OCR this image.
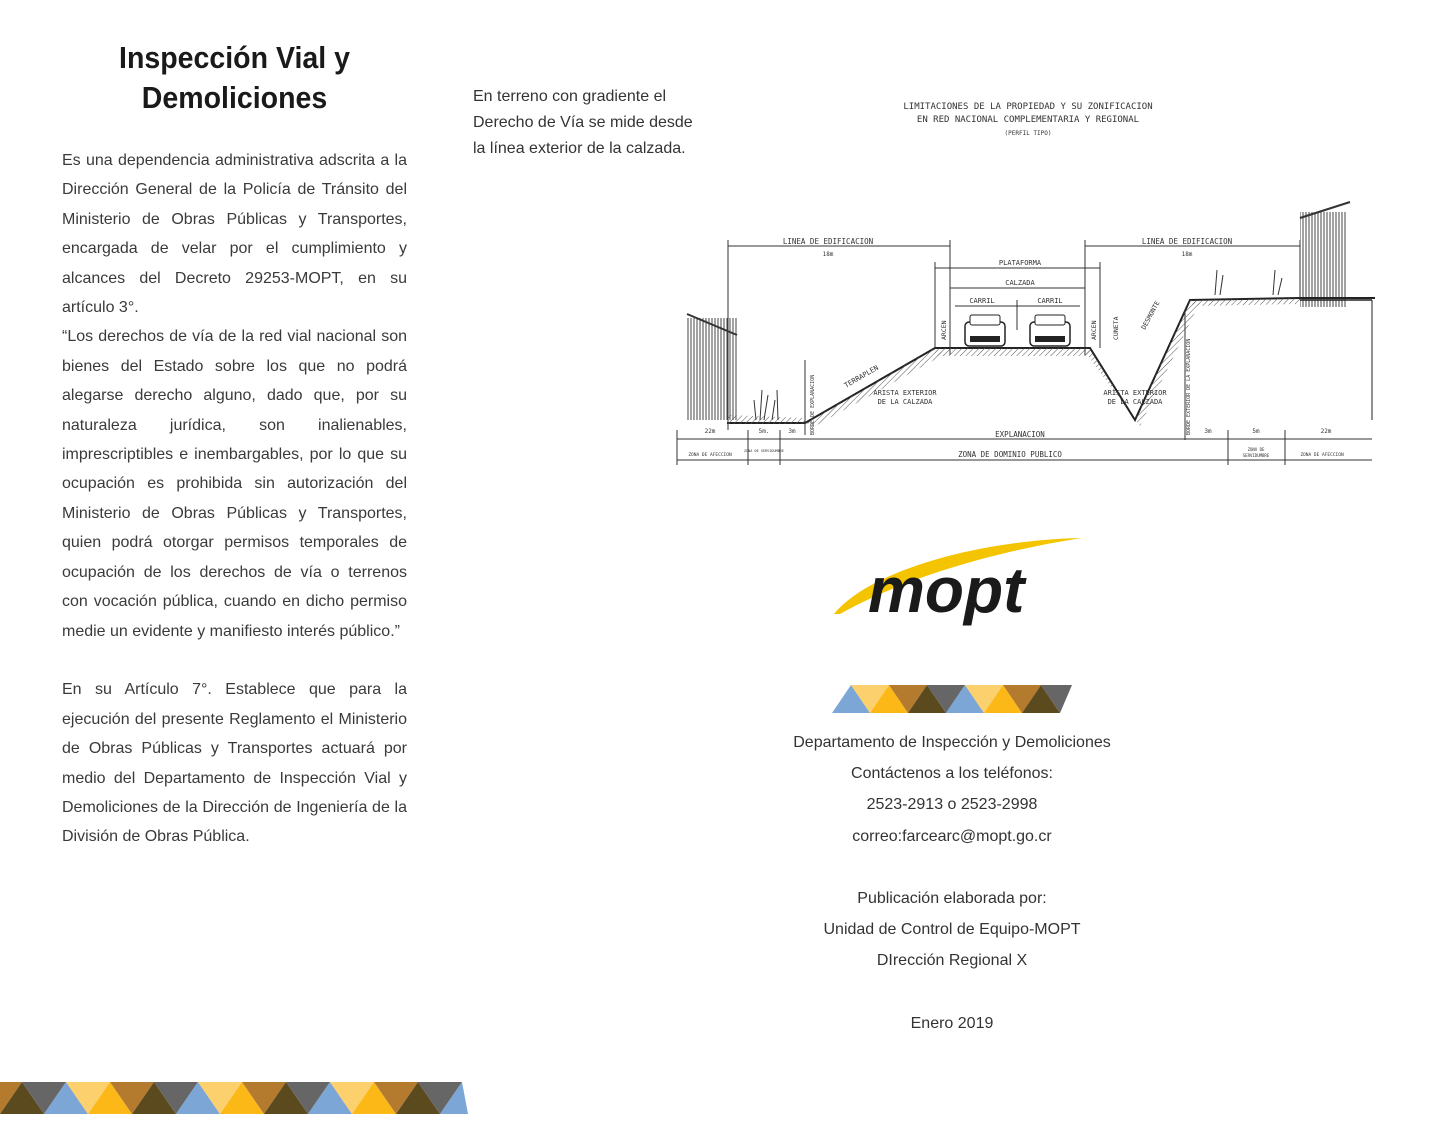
Inspección Vial y
Demoliciones

Es una dependencia administrativa adscrita a la Dirección General de la Policía de Tránsito del Ministerio de Obras Públicas y Transportes, encargada de velar por el cumplimiento y alcances del Decreto 29253-MOPT, en su artículo 3°.

“Los derechos de vía de la red vial nacional son bienes del Estado sobre los que no podrá alegarse derecho alguno, dado que, por su naturaleza jurídica, son inalienables, imprescriptibles e inembargables, por lo que su ocupación es prohibida sin autorización del Ministerio de Obras Públicas y Transportes, quien podrá otorgar permisos temporales de ocupación de los derechos de vía o terrenos con vocación pública, cuando en dicho permiso medie un evidente y manifiesto interés público.”

En su Artículo 7°. Establece que para la ejecución del presente Reglamento el Ministerio de Obras Públicas y Transportes actuará por medio del Departamento de Inspección Vial y Demoliciones de la Dirección de Ingeniería de la División de Obras Pública.

En terreno con gradiente el
Derecho de Vía se mide desde
la línea exterior de la calzada.
LIMITACIONES DE LA PROPIEDAD Y SU ZONIFICACION
EN RED NACIONAL COMPLEMENTARIA Y REGIONAL
(PERFIL TIPO)
LINEA DE EDIFICACION
18m
LINEA DE EDIFICACION
18m
PLATAFORMA
CALZADA
CARRIL	CARRIL
ARCEN	ARCEN CUNETA	DESMONTE
TERRAPLEN
BORDE DE EXPLANACION	BORDE EXTERIOR DE LA EXPLANACION
ARISTA EXTERIOR
DE LA CALZADA
ARISTA EXTERIOR
DE LA CALZADA
EXPLANACION
ZONA DE DOMINIO PUBLICO
ZONA DE AFECCION
ZONA DE SERVIDUMBRE	ZONA DE
SERVIDUMBRE	ZONA DE AFECCION
22m	5m.	3m	3m	5m	22m
mopt
Departamento de Inspección y Demoliciones
Contáctenos a los teléfonos:
2523-2913 o 2523-2998
correo:farcearc@mopt.go.cr
Publicación elaborada por:
Unidad de Control de Equipo-MOPT
DIrección Regional X
Enero 2019
